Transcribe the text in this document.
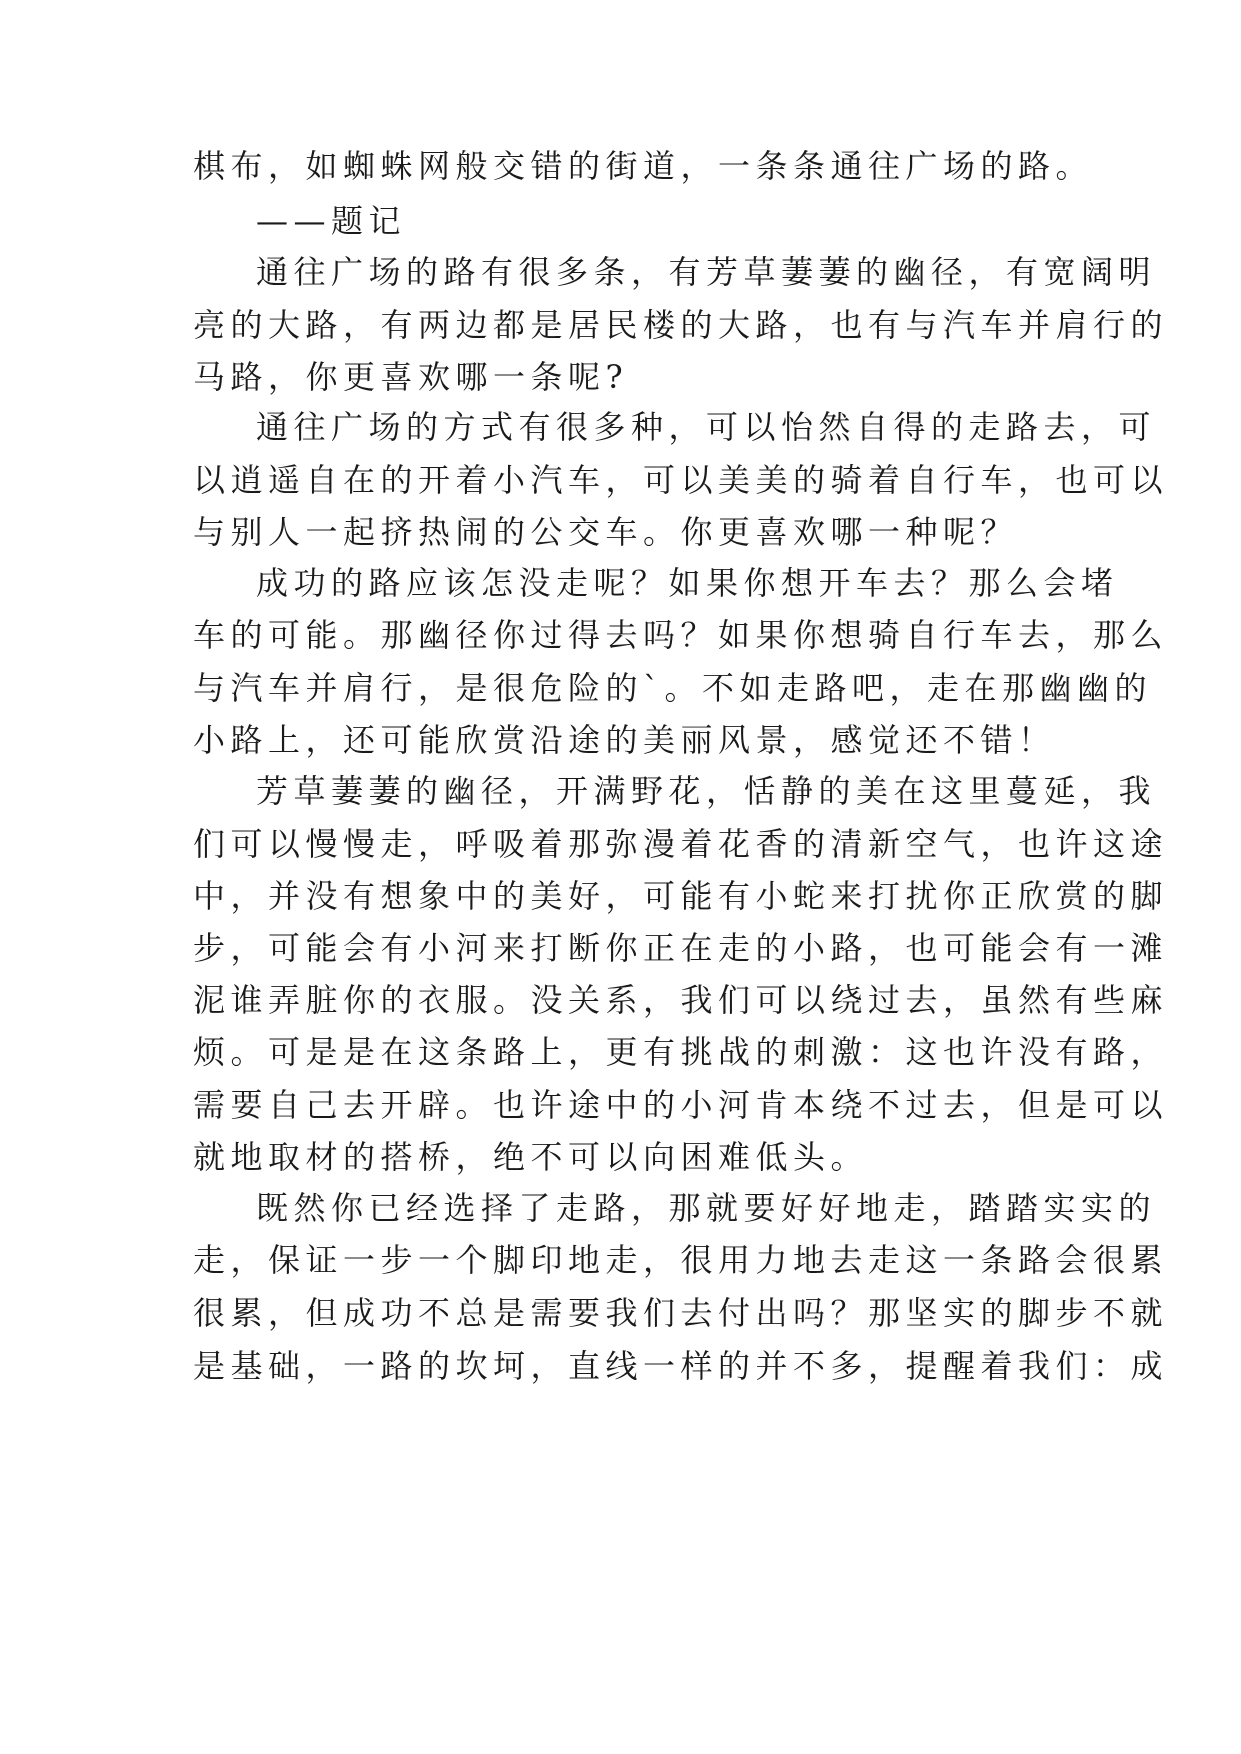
棋布，如蜘蛛网般交错的街道，一条条通往广场的路。
——题记
通往广场的路有很多条，有芳草萋萋的幽径，有宽阔明
亮的大路，有两边都是居民楼的大路，也有与汽车并肩行的
马路，你更喜欢哪一条呢?
通往广场的方式有很多种，可以怡然自得的走路去，可
以逍遥自在的开着小汽车，可以美美的骑着自行车，也可以
与别人一起挤热闹的公交车。你更喜欢哪一种呢？
成功的路应该怎没走呢？如果你想开车去？那么会堵
车的可能。那幽径你过得去吗？如果你想骑自行车去，那么
与汽车并肩行，是很危险的`。不如走路吧，走在那幽幽的
小路上，还可能欣赏沿途的美丽风景，感觉还不错！
芳草萋萋的幽径，开满野花，恬静的美在这里蔓延，我
们可以慢慢走，呼吸着那弥漫着花香的清新空气，也许这途
中，并没有想象中的美好，可能有小蛇来打扰你正欣赏的脚
步，可能会有小河来打断你正在走的小路，也可能会有一滩
泥谁弄脏你的衣服。没关系，我们可以绕过去，虽然有些麻
烦。可是是在这条路上，更有挑战的刺激：这也许没有路，
需要自己去开辟。也许途中的小河肯本绕不过去，但是可以
就地取材的搭桥，绝不可以向困难低头。
既然你已经选择了走路，那就要好好地走，踏踏实实的
走，保证一步一个脚印地走，很用力地去走这一条路会很累
很累，但成功不总是需要我们去付出吗？那坚实的脚步不就
是基础，一路的坎坷，直线一样的并不多，提醒着我们：成
